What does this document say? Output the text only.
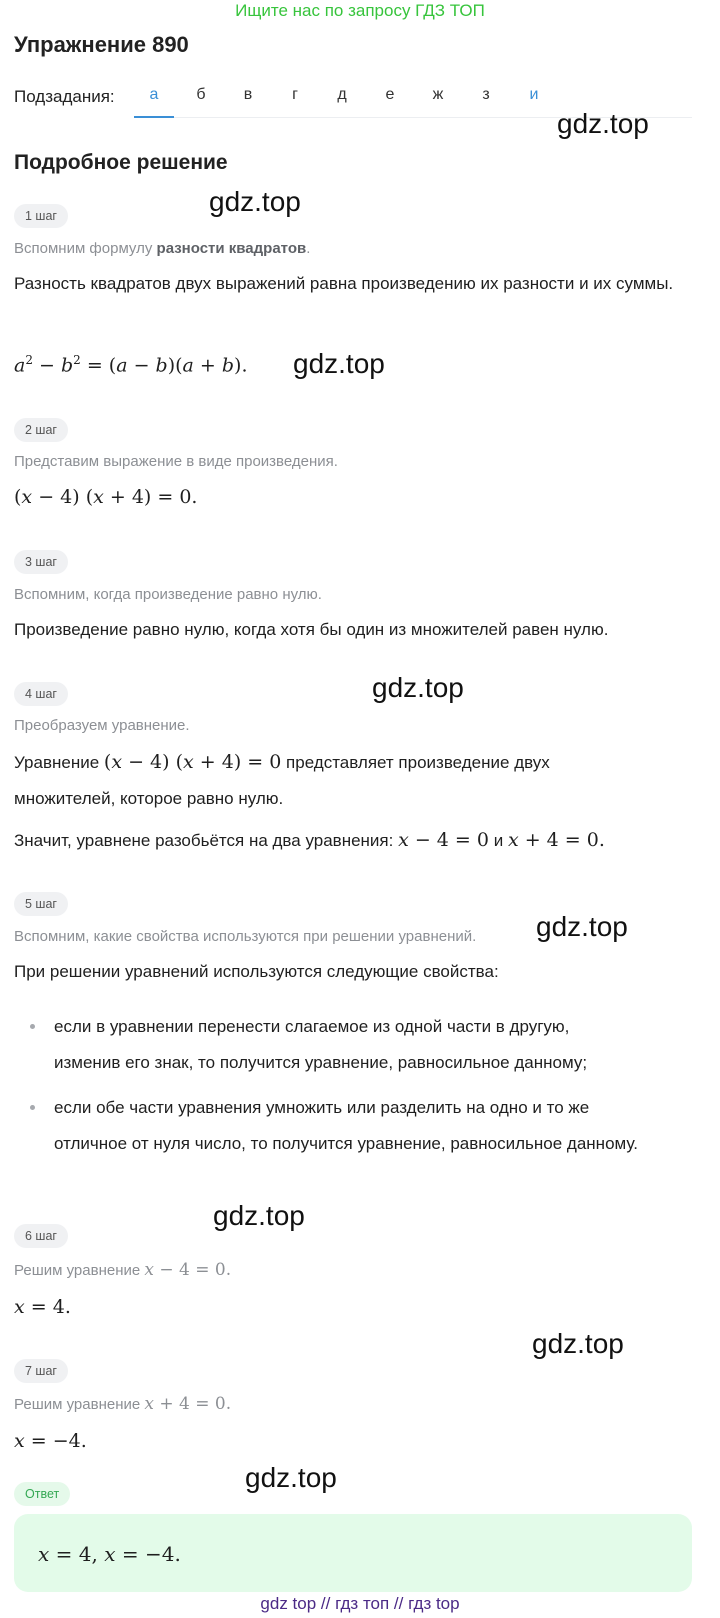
Ищите нас по запросу ГДЗ ТОП
Упражнение 890
Подзадания:	а	б	в	г	д	е	ж	з	и
gdz.top
Подробное решение
1 шаг	gdz.top
Вспомним формулу разности квадратов.
Разность квадратов двух выражений равна произведению их разности и их суммы.
$a^2 - b^2 = (a - b)(a + b)$. gdz.top
2 шаг
Представим выражение в виде произведения.
(x − 4) (x + 4) = 0.
3 шаг
Вспомним, когда произведение равно нулю.
Произведение равно нулю, когда хотя бы один из множителей равен нулю.
4 шаг	gdz.top
Преобразуем уравнение.
Уравнение (x − 4) (x + 4) = 0 представляет произведение двух
множителей, которое равно нулю.
Значит, уравнене разобьётся на два уравнения: x − 4 = 0 и x + 4 = 0.
5 шаг
Вспомним, какие свойства используются при решении уравнений. gdz.top
При решении уравнений используются следующие свойства:
если в уравнении перенести слагаемое из одной части в другую,
изменив его знак, то получится уравнение, равносильное данному;
если обе части уравнения умножить или разделить на одно и то же
отличное от нуля число, то получится уравнение, равносильное данному.
gdz.top
6 шаг
Решим уравнение x − 4 = 0.
x = 4.
gdz.top
7 шаг
Решим уравнение x + 4 = 0.
x = −4.
gdz.top
Ответ
x = 4, x = −4.
gdz top // гдз топ // гдз top
